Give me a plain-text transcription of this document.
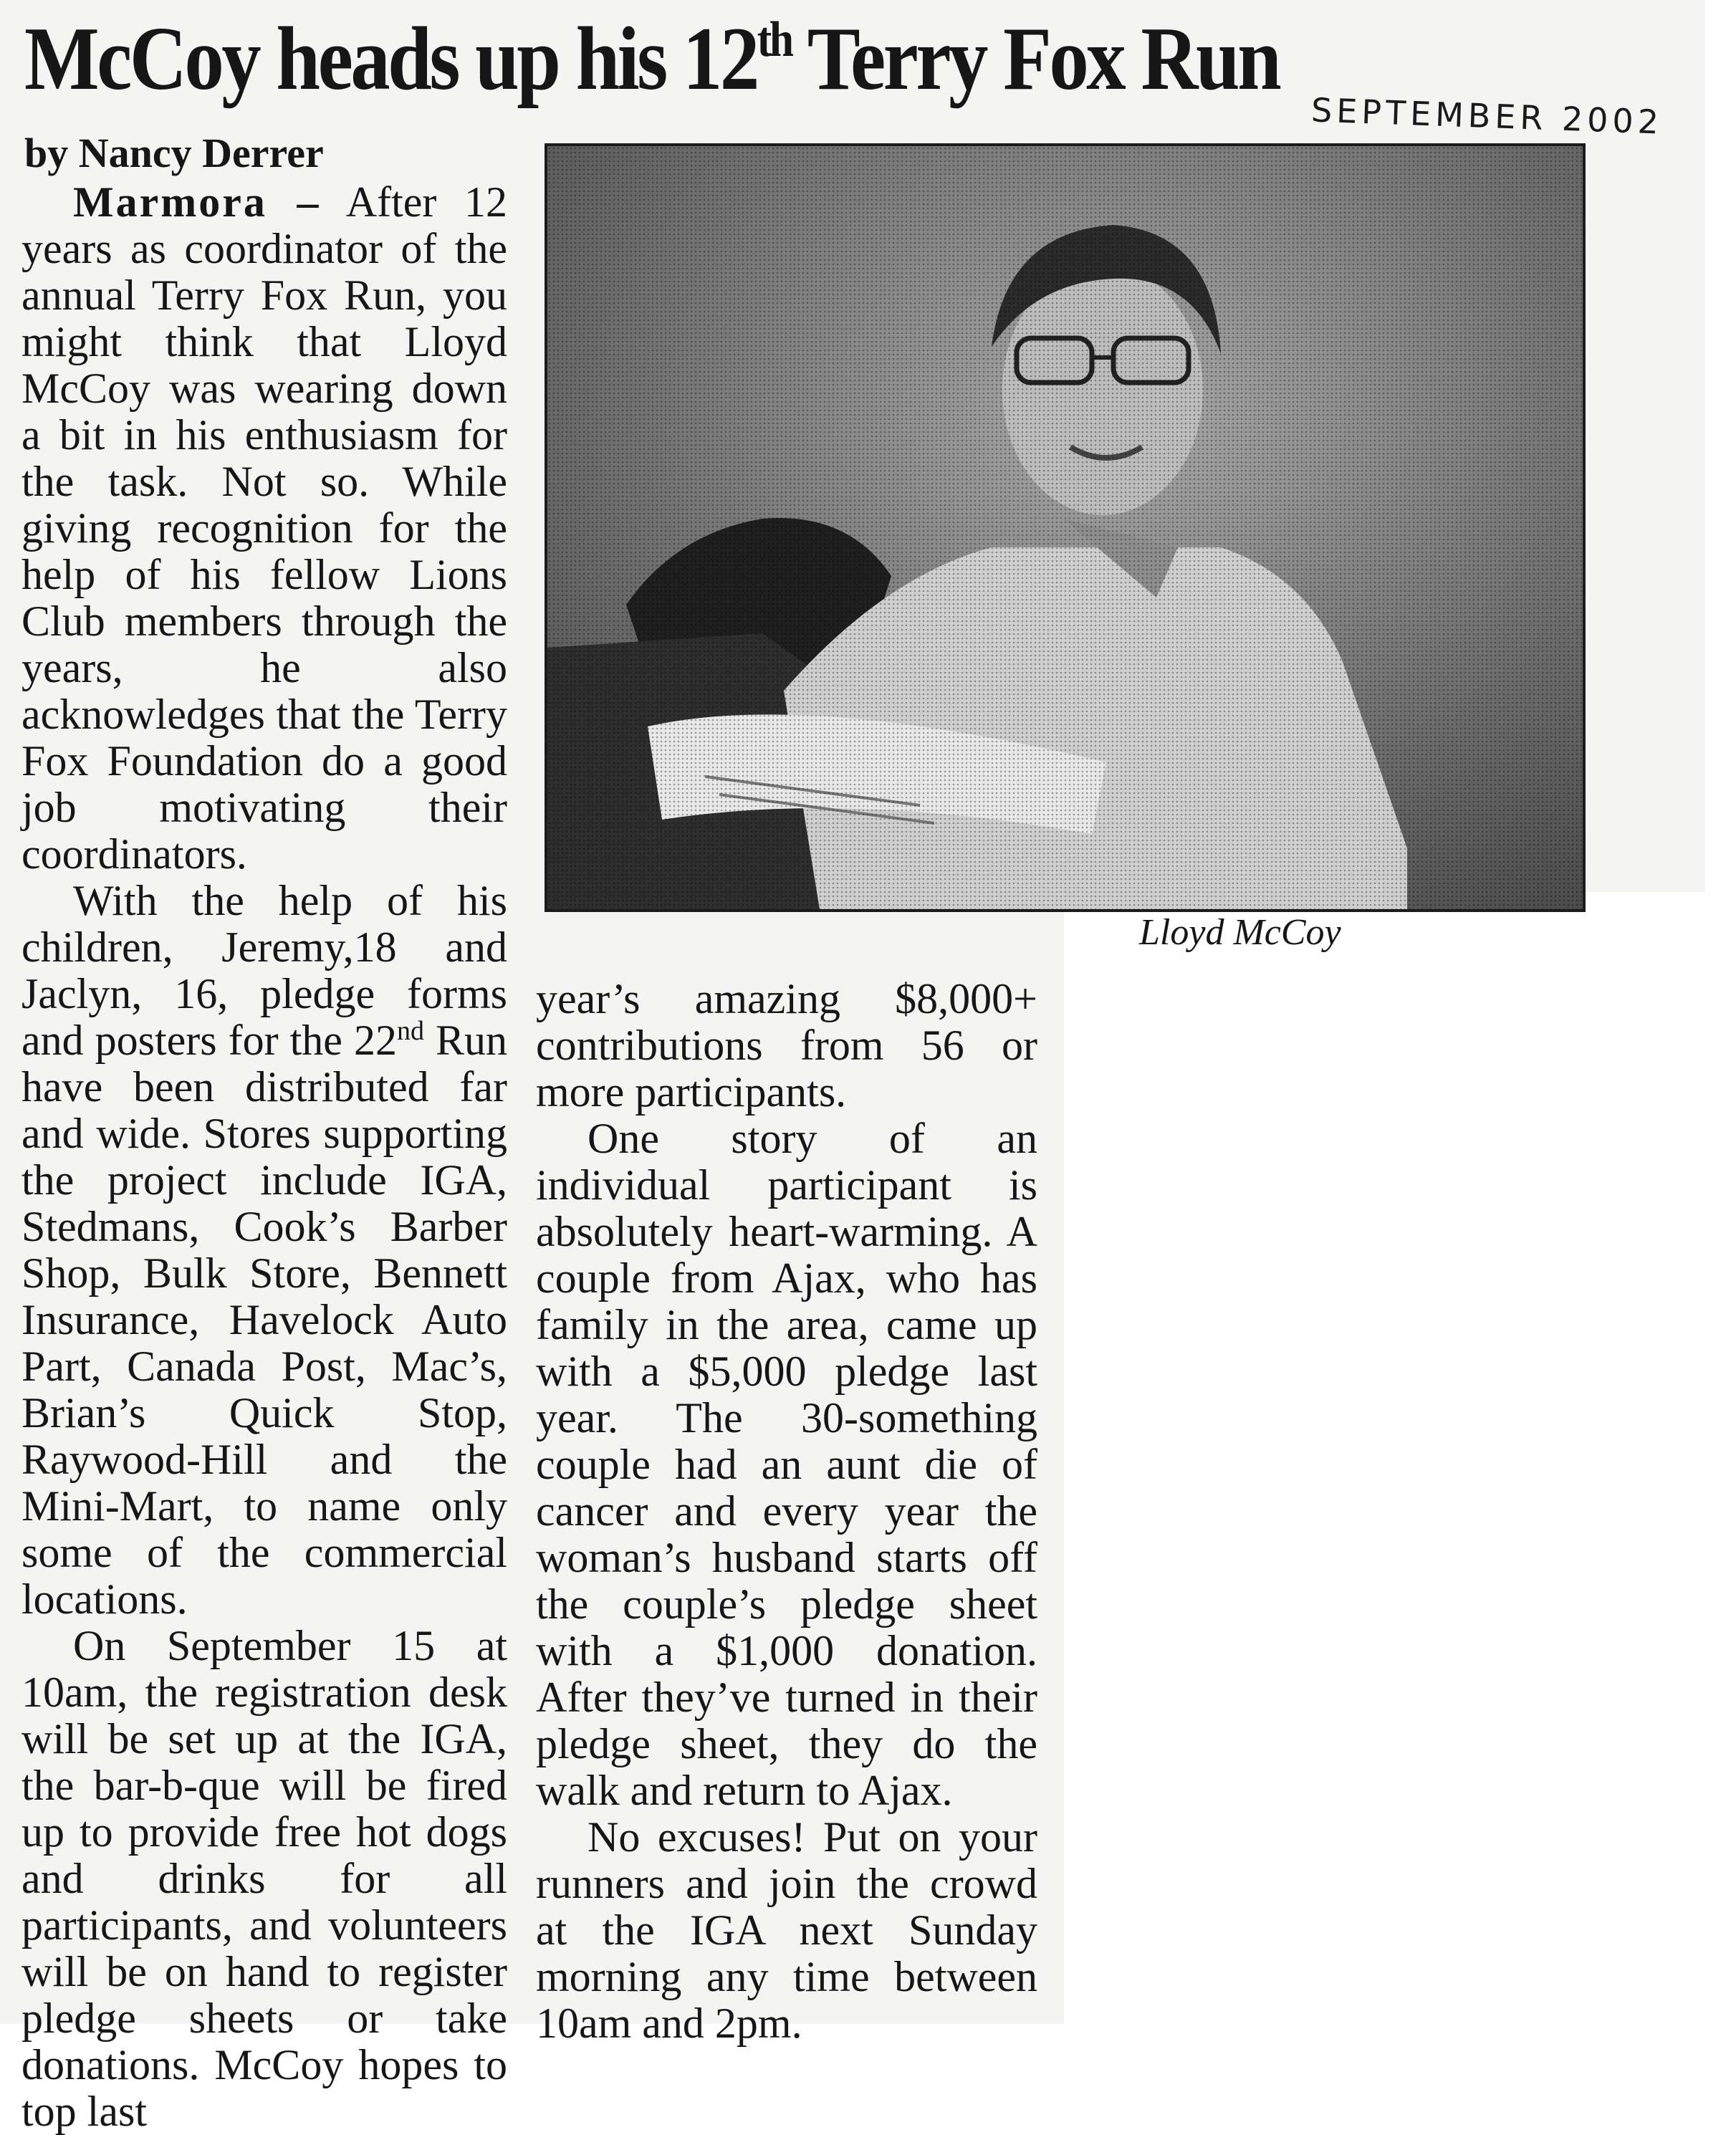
McCoy heads up his 12th Terry Fox Run
SEPTEMBER 2002
by Nancy Derrer

Marmora – After 12 years as coordinator of the annual Terry Fox Run, you might think that Lloyd McCoy was wearing down a bit in his enthusiasm for the task. Not so. While giving recognition for the help of his fellow Lions Club members through the years, he also acknowledges that the Terry Fox Foundation do a good job motivating their coordinators.

With the help of his children, Jeremy,18 and Jaclyn, 16, pledge forms and posters for the 22nd Run have been distributed far and wide. Stores supporting the project include IGA, Stedmans, Cook’s Barber Shop, Bulk Store, Bennett Insurance, Havelock Auto Part, Canada Post, Mac’s, Brian’s Quick Stop, Raywood-Hill and the Mini-Mart, to name only some of the commercial locations.

On September 15 at 10am, the registration desk will be set up at the IGA, the bar-b-que will be fired up to provide free hot dogs and drinks for all participants, and volunteers will be on hand to register pledge sheets or take donations. McCoy hopes to top last

Lloyd McCoy

year’s amazing $8,000+ contributions from 56 or more participants.

One story of an individual participant is absolutely heart-warming. A couple from Ajax, who has family in the area, came up with a $5,000 pledge last year. The 30-something couple had an aunt die of cancer and every year the woman’s husband starts off the couple’s pledge sheet with a $1,000 donation. After they’ve turned in their pledge sheet, they do the walk and return to Ajax.

No excuses! Put on your runners and join the crowd at the IGA next Sunday morning any time between 10am and 2pm.
